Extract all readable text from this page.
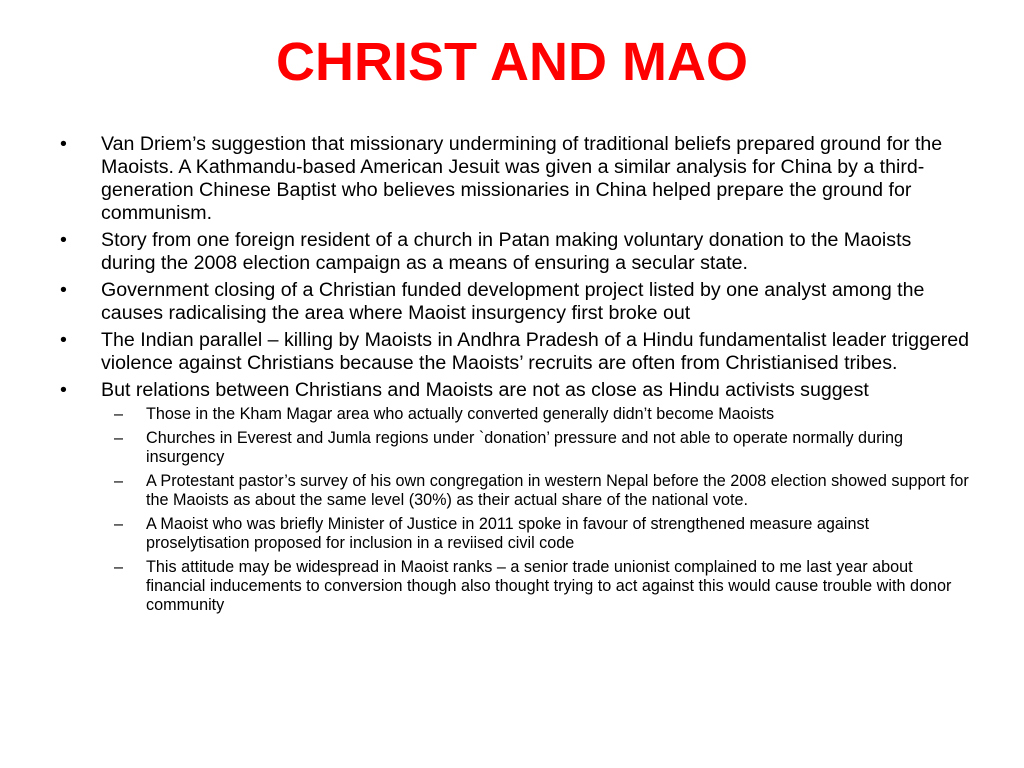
CHRIST AND MAO
• Van Driem’s suggestion that missionary undermining of traditional beliefs prepared ground for the Maoists. A Kathmandu-based American Jesuit was given a similar analysis for China by a third-generation Chinese Baptist who believes missionaries in China helped prepare the ground for communism.
• Story from one foreign resident of a church in Patan making voluntary donation to the Maoists during the 2008 election campaign as a means of ensuring a secular state.
• Government closing of a Christian funded development project listed by one analyst among the causes radicalising the area where Maoist insurgency first broke out
• The Indian parallel – killing by Maoists in Andhra Pradesh of a Hindu fundamentalist leader triggered violence against Christians because the Maoists’ recruits are often from Christianised tribes.
• But relations between Christians and Maoists are not as close as Hindu activists suggest
– Those in the Kham Magar area who actually converted generally didn’t become Maoists
– Churches in Everest and Jumla regions under `donation’ pressure and not able to operate normally during insurgency
– A Protestant pastor’s survey of his own congregation in western Nepal before the 2008 election showed support for the Maoists as about the same level (30%) as their actual share of the national vote.
– A Maoist who was briefly Minister of Justice in 2011 spoke in favour of strengthened measure against proselytisation proposed for inclusion in a reviised civil code
– This attitude may be widespread in Maoist ranks – a senior trade unionist complained to me last year about financial inducements to conversion though also thought trying to act against this would cause trouble with donor community
